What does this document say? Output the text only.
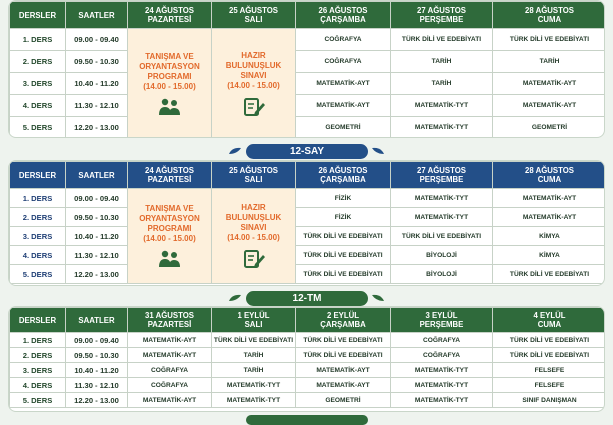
DERSLER	SAATLER	24 AĞUSTOS
PAZARTESİ	25 AĞUSTOS
SALI	26 AĞUSTOS
ÇARŞAMBA	27 AĞUSTOS
PERŞEMBE	28 AĞUSTOS
CUMA
1. DERS	09.00 - 09.40	TANIŞMA VE
ORYANTASYON
PROGRAMI
(14.00 - 15.00)	HAZIR
BULUNUŞLUK
SINAVI
(14.00 - 15.00)	COĞRAFYA	TÜRK DİLİ VE EDEBİYATI	TÜRK DİLİ VE EDEBİYATI
2. DERS	09.50 - 10.30			COĞRAFYA	TARİH	TARİH
3. DERS	10.40 - 11.20			MATEMATİK-AYT	TARİH	MATEMATİK-AYT
4. DERS	11.30 - 12.10			MATEMATİK-AYT	MATEMATİK-TYT	MATEMATİK-AYT
5. DERS	12.20 - 13.00			GEOMETRİ	MATEMATİK-TYT	GEOMETRİ
12-SAY
DERSLER	SAATLER	24 AĞUSTOS
PAZARTESİ	25 AĞUSTOS
SALI	26 AĞUSTOS
ÇARŞAMBA	27 AĞUSTOS
PERŞEMBE	28 AĞUSTOS
CUMA
1. DERS	09.00 - 09.40	TANIŞMA VE
ORYANTASYON
PROGRAMI
(14.00 - 15.00)	HAZIR
BULUNUŞLUK
SINAVI
(14.00 - 15.00)	FİZİK	MATEMATİK-TYT	MATEMATİK-AYT
2. DERS	09.50 - 10.30			FİZİK	MATEMATİK-TYT	MATEMATİK-AYT
3. DERS	10.40 - 11.20			TÜRK DİLİ VE EDEBİYATI	TÜRK DİLİ VE EDEBİYATI	KİMYA
4. DERS	11.30 - 12.10			TÜRK DİLİ VE EDEBİYATI	BİYOLOJİ	KİMYA
5. DERS	12.20 - 13.00			TÜRK DİLİ VE EDEBİYATI	BİYOLOJİ	TÜRK DİLİ VE EDEBİYATI
12-TM
DERSLER	SAATLER	31 AĞUSTOS
PAZARTESİ	1 EYLÜL
SALI	2 EYLÜL
ÇARŞAMBA	3 EYLÜL
PERŞEMBE	4 EYLÜL
CUMA
1. DERS	09.00 - 09.40	MATEMATİK-AYT	TÜRK DİLİ VE EDEBİYATI	TÜRK DİLİ VE EDEBİYATI	COĞRAFYA	TÜRK DİLİ VE EDEBİYATI
2. DERS	09.50 - 10.30	MATEMATİK-AYT	TARİH	TÜRK DİLİ VE EDEBİYATI	COĞRAFYA	TÜRK DİLİ VE EDEBİYATI
3. DERS	10.40 - 11.20	COĞRAFYA	TARİH	MATEMATİK-AYT	MATEMATİK-TYT	FELSEFE
4. DERS	11.30 - 12.10	COĞRAFYA	MATEMATİK-TYT	MATEMATİK-AYT	MATEMATİK-TYT	FELSEFE
5. DERS	12.20 - 13.00	MATEMATİK-AYT	MATEMATİK-TYT	GEOMETRİ	MATEMATİK-TYT	SINIF DANIŞMAN
